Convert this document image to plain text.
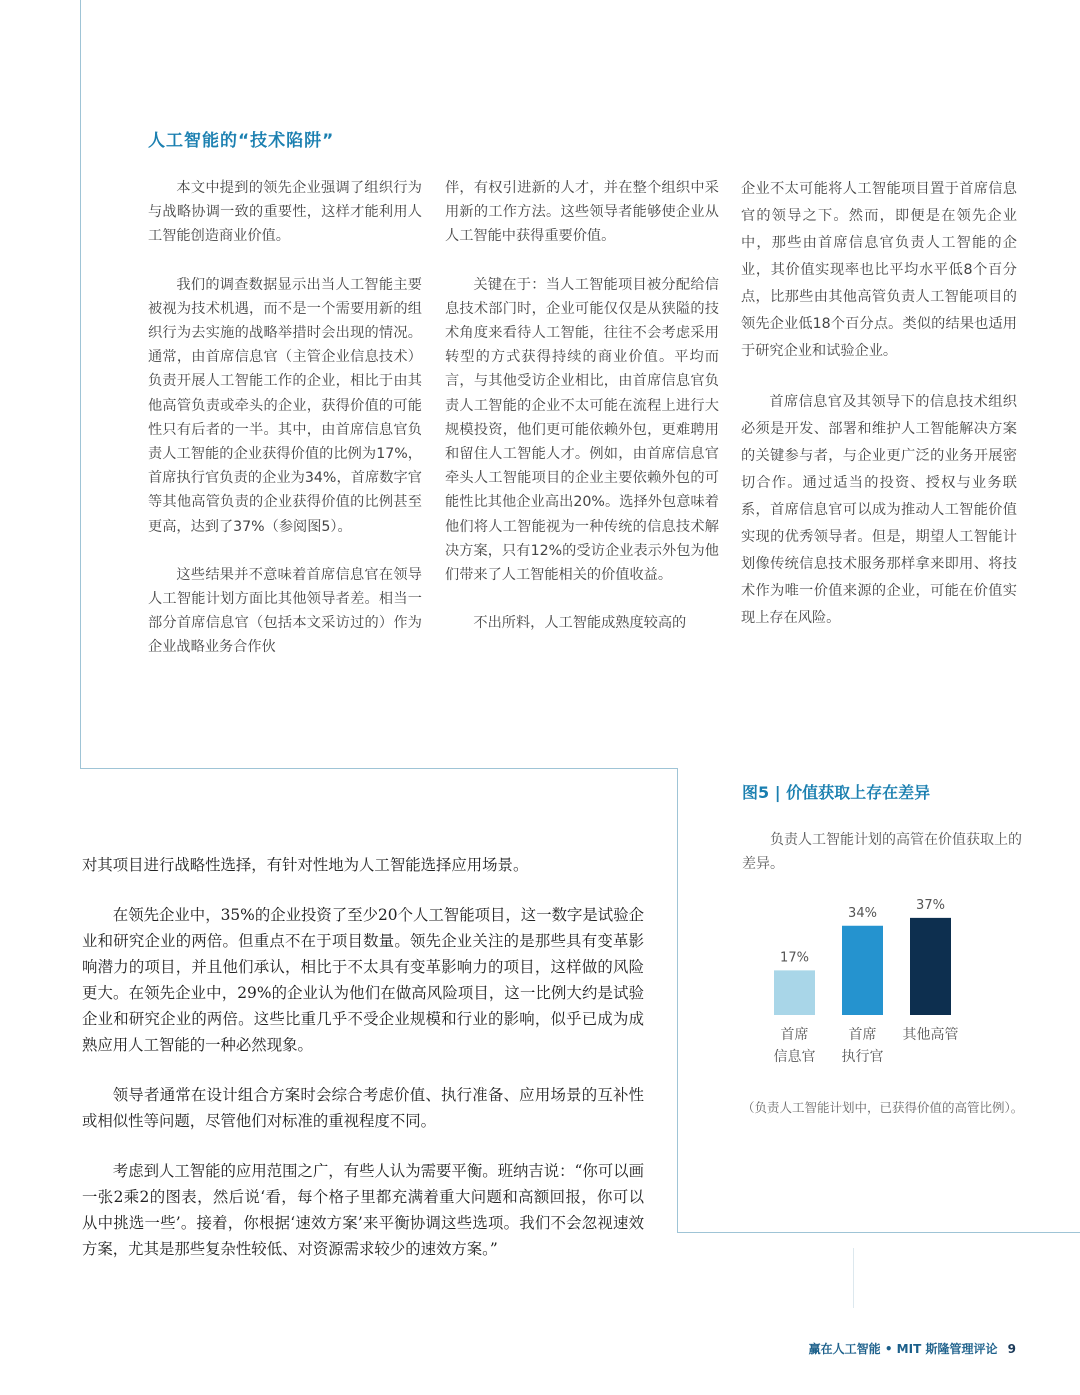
人工智能的“技术陷阱”

本文中提到的领先企业强调了组织行为与战略协调一致的重要性，这样才能利用人工智能创造商业价值。

我们的调查数据显示出当人工智能主要被视为技术机遇，而不是一个需要用新的组织行为去实施的战略举措时会出现的情况。通常，由首席信息官（主管企业信息技术）负责开展人工智能工作的企业，相比于由其他高管负责或牵头的企业，获得价值的可能性只有后者的一半。其中，由首席信息官负责人工智能的企业获得价值的比例为17%，首席执行官负责的企业为34%，首席数字官等其他高管负责的企业获得价值的比例甚至更高，达到了37%（参阅图5）。

这些结果并不意味着首席信息官在领导人工智能计划方面比其他领导者差。相当一部分首席信息官（包括本文采访过的）作为企业战略业务合作伙

伴，有权引进新的人才，并在整个组织中采用新的工作方法。这些领导者能够使企业从人工智能中获得重要价值。

关键在于：当人工智能项目被分配给信息技术部门时，企业可能仅仅是从狭隘的技术角度来看待人工智能，往往不会考虑采用转型的方式获得持续的商业价值。平均而言，与其他受访企业相比，由首席信息官负责人工智能的企业不太可能在流程上进行大规模投资，他们更可能依赖外包，更难聘用和留住人工智能人才。例如，由首席信息官牵头人工智能项目的企业主要依赖外包的可能性比其他企业高出20%。选择外包意味着他们将人工智能视为一种传统的信息技术解决方案，只有12%的受访企业表示外包为他们带来了人工智能相关的价值收益。

不出所料，人工智能成熟度较高的

企业不太可能将人工智能项目置于首席信息官的领导之下。然而，即便是在领先企业中，那些由首席信息官负责人工智能的企业，其价值实现率也比平均水平低8个百分点，比那些由其他高管负责人工智能项目的领先企业低18个百分点。类似的结果也适用于研究企业和试验企业。

首席信息官及其领导下的信息技术组织必须是开发、部署和维护人工智能解决方案的关键参与者，与企业更广泛的业务开展密切合作。通过适当的投资、授权与业务联系，首席信息官可以成为推动人工智能价值实现的优秀领导者。但是，期望人工智能计划像传统信息技术服务那样拿来即用、将技术作为唯一价值来源的企业，可能在价值实现上存在风险。

对其项目进行战略性选择，有针对性地为人工智能选择应用场景。

在领先企业中，35%的企业投资了至少20个人工智能项目，这一数字是试验企业和研究企业的两倍。但重点不在于项目数量。领先企业关注的是那些具有变革影响潜力的项目，并且他们承认，相比于不太具有变革影响力的项目，这样做的风险更大。在领先企业中，29%的企业认为他们在做高风险项目，这一比例大约是试验企业和研究企业的两倍。这些比重几乎不受企业规模和行业的影响，似乎已成为成熟应用人工智能的一种必然现象。

领导者通常在设计组合方案时会综合考虑价值、执行准备、应用场景的互补性或相似性等问题，尽管他们对标准的重视程度不同。

考虑到人工智能的应用范围之广，有些人认为需要平衡。班纳吉说：“你可以画一张2乘2的图表，然后说‘看，每个格子里都充满着重大问题和高额回报，你可以从中挑选一些’。接着，你根据‘速效方案’来平衡协调这些选项。我们不会忽视速效方案，尤其是那些复杂性较低、对资源需求较少的速效方案。”

图5 | 价值获取上存在差异
负责人工智能计划的高管在价值获取上的差异。
17%
首席信息官
34%
首席执行官
37%
其他高管
（负责人工智能计划中，已获得价值的高管比例）。
赢在人工智能 • MIT 斯隆管理评论 9
